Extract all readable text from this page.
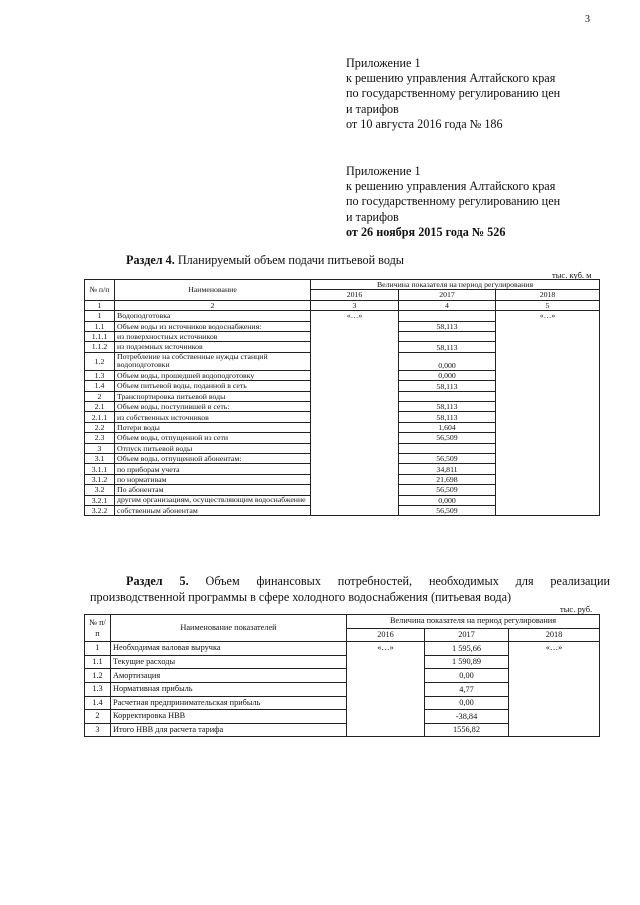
3
Приложение 1
к решению управления Алтайского края
по государственному регулированию цен
и тарифов
от 10 августа 2016 года № 186
Приложение 1
к решению управления Алтайского края
по государственному регулированию цен
и тарифов
от 26 ноября 2015 года № 526
Раздел 4. Планируемый объем подачи питьевой воды
тыс. куб. м
№ п/п	Наименование	Величина показателя на период регулирования		
		2016	2017	2018
1	2	3	4	5
1	Водоподготовка	«…»		«…»
1.1	Объем воды из источников водоснабжения:		58,113	
1.1.1	из поверхностных источников			
1.1.2	из подземных источников		58,113	
1.2	Потребление на собственные нужды станций водоподготовки		0,000	
1.3	Объем воды, прошедшей водоподготовку		0,000	
1.4	Объем питьевой воды, поданной в сеть		58,113	
2	Транспортировка питьевой воды			
2.1	Объем воды, поступившей в сеть:		58,113	
2.1.1	из собственных источников		58,113	
2.2	Потери воды		1,604	
2.3	Объем воды, отпущенной из сети		56,509	
3	Отпуск питьевой воды			
3.1	Объем воды, отпущенной абонентам:		56,509	
3.1.1	по приборам учета		34,811	
3.1.2	по нормативам		21,698	
3.2	По абонентам		56,509	
3.2.1	другим организациям, осуществляющим водоснабжение		0,000	
3.2.2	собственным абонентам		56,509	
Раздел 5. Объем финансовых потребностей, необходимых для реализации производственной программы в сфере холодного водоснабжения (питьевая вода)
тыс. руб.
№ п/п	Наименование показателей	Величина показателя на период регулирования		
		2016	2017	2018
1	Необходимая валовая выручка	«…»	1 595,66	«…»
1.1	Текущие расходы		1 590,89	
1.2	Амортизация		0,00	
1.3	Нормативная прибыль		4,77	
1.4	Расчетная предпринимательская прибыль		0,00	
2	Корректировка НВВ		-38,84	
3	Итого НВВ для расчета тарифа		1556,82	
